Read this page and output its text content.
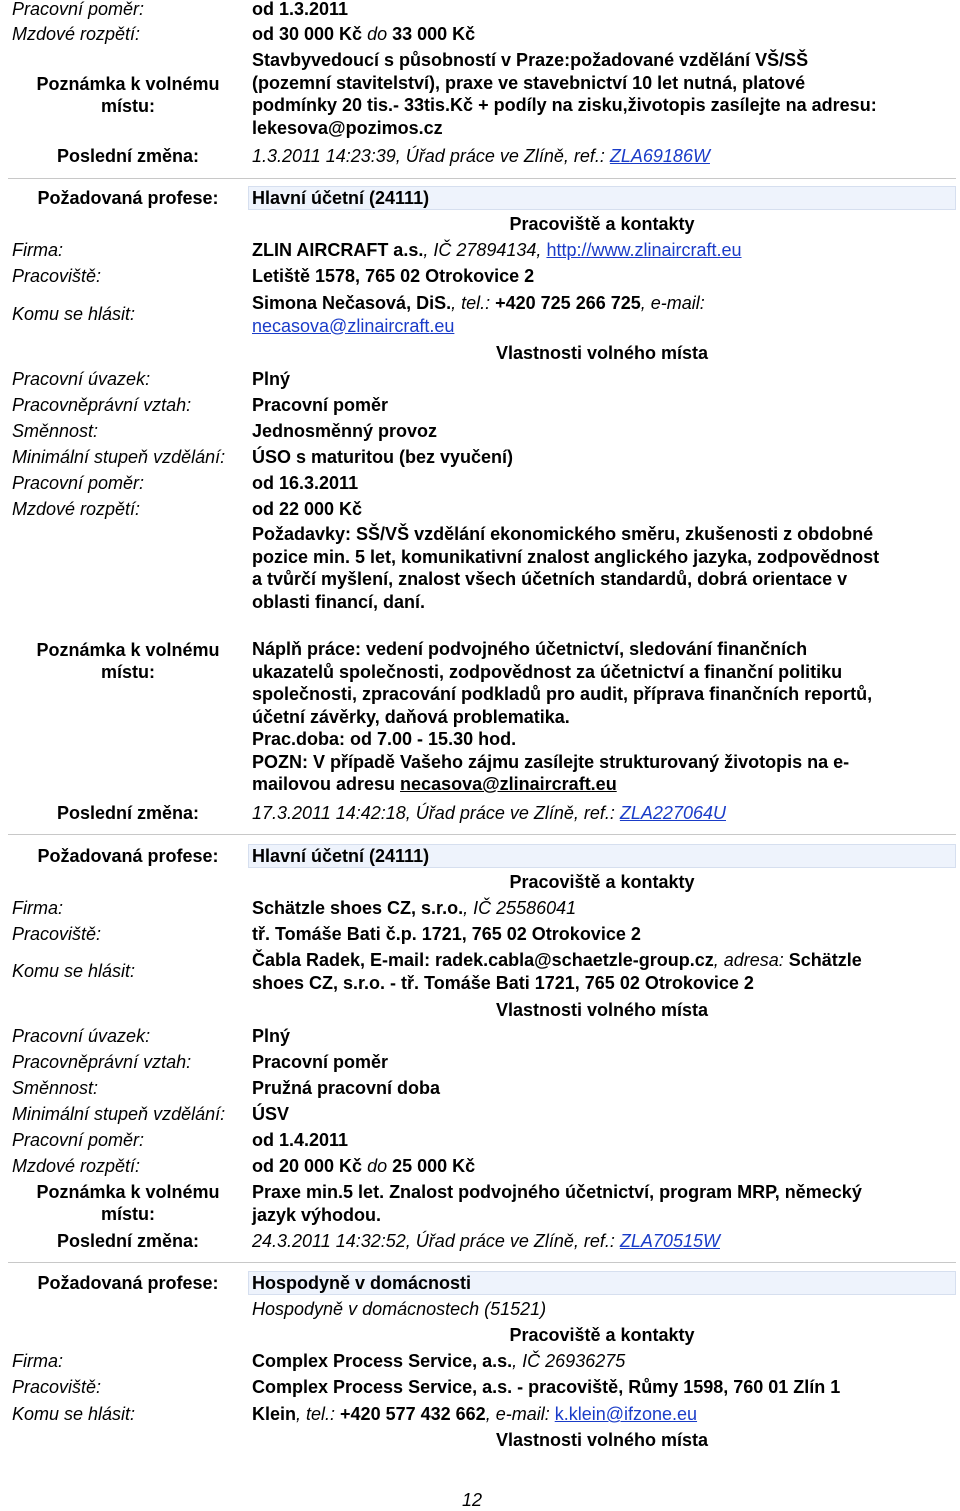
Pracovní poměr:	od 1.3.2011
Mzdové rozpětí:	od 30 000 Kč do 33 000 Kč
Poznámka k volnému
místu:
Stavbyvedoucí s působností v Praze:požadované vzdělání VŠ/SŠ
(pozemní stavitelství), praxe ve stavebnictví 10 let nutná, platové
podmínky 20 tis.- 33tis.Kč + podíly na zisku,životopis zasílejte na adresu:
lekesova@pozimos.cz
Poslední změna:	1.3.2011 14:23:39, Úřad práce ve Zlíně, ref.: ZLA69186W
Požadovaná profese:	Hlavní účetní (24111)
Pracoviště a kontakty
Firma:	ZLIN AIRCRAFT a.s., IČ 27894134, http://www.zlinaircraft.eu
Pracoviště:	Letiště 1578, 765 02 Otrokovice 2
Komu se hlásit:
Simona Nečasová, DiS., tel.: +420 725 266 725, e-mail:
necasova@zlinaircraft.eu
Vlastnosti volného místa
Pracovní úvazek:	Plný
Pracovněprávní vztah:	Pracovní poměr
Směnnost:	Jednosměnný provoz
Minimální stupeň vzdělání:	ÚSO s maturitou (bez vyučení)
Pracovní poměr:	od 16.3.2011
Mzdové rozpětí:	od 22 000 Kč
Požadavky: SŠ/VŠ vzdělání ekonomického směru, zkušenosti z obdobné
pozice min. 5 let, komunikativní znalost anglického jazyka, zodpovědnost
a tvůrčí myšlení, znalost všech účetních standardů, dobrá orientace v
oblasti financí, daní.
Poznámka k volnému
místu:
Náplň práce: vedení podvojného účetnictví, sledování finančních
ukazatelů společnosti, zodpovědnost za účetnictví a finanční politiku
společnosti, zpracování podkladů pro audit, příprava finančních reportů,
účetní závěrky, daňová problematika.
Prac.doba: od 7.00 - 15.30 hod.
POZN: V případě Vašeho zájmu zasílejte strukturovaný životopis na e-
mailovou adresu necasova@zlinaircraft.eu
Poslední změna:	17.3.2011 14:42:18, Úřad práce ve Zlíně, ref.: ZLA227064U
Požadovaná profese:	Hlavní účetní (24111)
Pracoviště a kontakty
Firma:	Schätzle shoes CZ, s.r.o., IČ 25586041
Pracoviště:	tř. Tomáše Bati č.p. 1721, 765 02 Otrokovice 2
Komu se hlásit:
Čabla Radek, E-mail: radek.cabla@schaetzle-group.cz, adresa: Schätzle
shoes CZ, s.r.o. - tř. Tomáše Bati 1721, 765 02 Otrokovice 2
Vlastnosti volného místa
Pracovní úvazek:	Plný
Pracovněprávní vztah:	Pracovní poměr
Směnnost:	Pružná pracovní doba
Minimální stupeň vzdělání:	ÚSV
Pracovní poměr:	od 1.4.2011
Mzdové rozpětí:	od 20 000 Kč do 25 000 Kč
Poznámka k volnému
místu:
Praxe min.5 let. Znalost podvojného účetnictví, program MRP, německý
jazyk výhodou.
Poslední změna:	24.3.2011 14:32:52, Úřad práce ve Zlíně, ref.: ZLA70515W
Požadovaná profese:	Hospodyně v domácnosti
Hospodyně v domácnostech (51521)
Pracoviště a kontakty
Firma:	Complex Process Service, a.s., IČ 26936275
Pracoviště:	Complex Process Service, a.s. - pracoviště, Růmy 1598, 760 01 Zlín 1
Komu se hlásit:	Klein, tel.: +420 577 432 662, e-mail: k.klein@ifzone.eu
Vlastnosti volného místa
12
